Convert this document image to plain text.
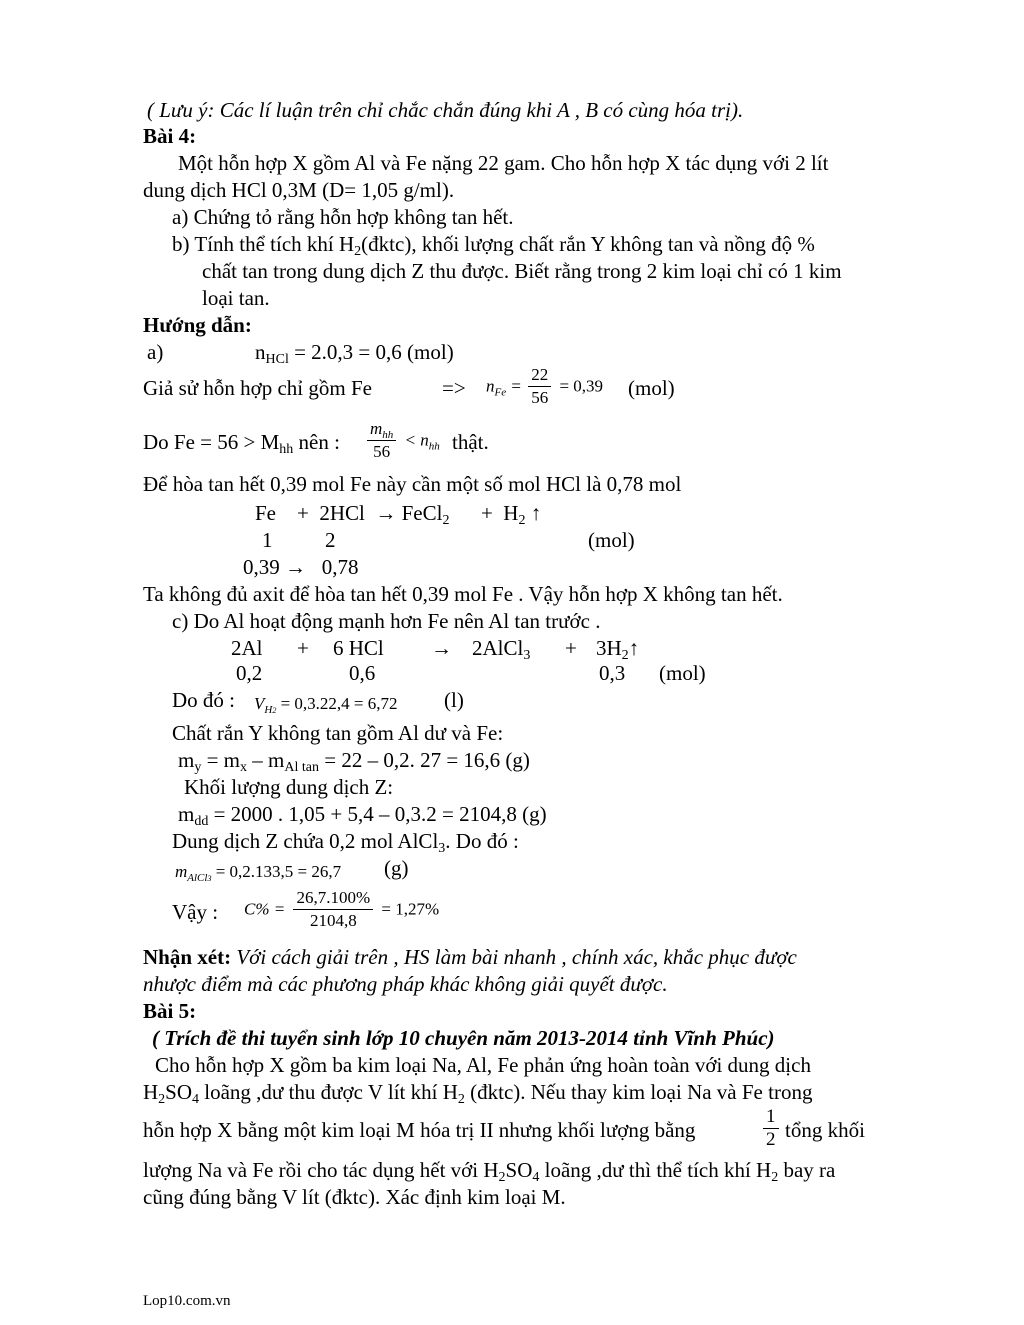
( Lưu ý: Các lí luận trên chỉ chắc chắn đúng khi A , B có cùng hóa trị).
Bài 4:
Một hỗn hợp X gồm Al và Fe nặng 22 gam. Cho hỗn hợp X tác dụng với 2 lít
dung dịch HCl 0,3M (D= 1,05 g/ml).
a) Chứng tỏ rằng hỗn hợp không tan hết.
b) Tính thể tích khí $H_2(đktc)$, khối lượng chất rắn Y không tan và nồng độ %
chất tan trong dung dịch Z thu được. Biết rằng trong 2 kim loại chỉ có 1 kim
loại tan.
Hướng dẫn:
a)	$n_{HCl} = 2.0,3 = 0,6$ (mol)
Giả sử hỗn hợp chỉ gồm Fe	=> nFe = $\frac{22}{56} = 0,39$ (mol)
Do $Fe = 56 > M_{hh}$ nên : $\frac{m_{hh}}{56}$ < nhh thật.
Để hòa tan hết 0,39 mol Fe này cần một số mol HCl là 0,78 mol
Fe    +  2HCl  → FeCl$_2$      +  $H_2$ ↑
1          2	(mol)
0,39 →   0,78
Ta không đủ axit để hòa tan hết 0,39 mol Fe . Vậy hỗn hợp X không tan hết.
c) Do Al hoạt động mạnh hơn Fe nên Al tan trước .
2Al + 6 HCl → 2AlCl$_3$ + $3H_2↑$
0,2	0,6	0,3 (mol)
Do đó : VH2 = 0,3.22,4 = 6,72 (l)
Chất rắn Y không tan gồm Al dư và Fe:
$m_y = m_x - m_{Al tan} = 22 - 0,2$. 27 = 16,6 (g)
Khối lượng dung dịch Z:
$m_{dd} = 2000$ . 1,05 + 5,4 – 0,3.2 = 2104,8 (g)
Dung dịch Z chứa 0,2 mol AlCl$_3$. Do đó :
mAlCl3 = 0,2.133,5 = 26,7 (g)
Vậy : $C\% = \frac{26,7.100\%}{2104,8} = 1,27\%$
Nhận xét: Với cách giải trên , HS làm bài nhanh , chính xác, khắc phục được
nhược điểm mà các phương pháp khác không giải quyết được.
Bài 5:
( Trích đề thi tuyển sinh lớp 10 chuyên năm 2013-2014 tỉnh Vĩnh Phúc)
Cho hỗn hợp X gồm ba kim loại Na, Al, Fe phản ứng hoàn toàn với dung dịch
$H_2SO_4$ loãng ,dư thu được V lít khí $H_2$ (đktc). Nếu thay kim loại Na và Fe trong
hỗn hợp X bằng một kim loại M hóa trị II nhưng khối lượng bằng	$\frac{1}{2}$ tổng khối
lượng Na và Fe rồi cho tác dụng hết với $H_2SO_4$ loãng ,dư thì thể tích khí $H_2$ bay ra
cũng đúng bằng V lít (đktc). Xác định kim loại M.
Lop10.com.vn
